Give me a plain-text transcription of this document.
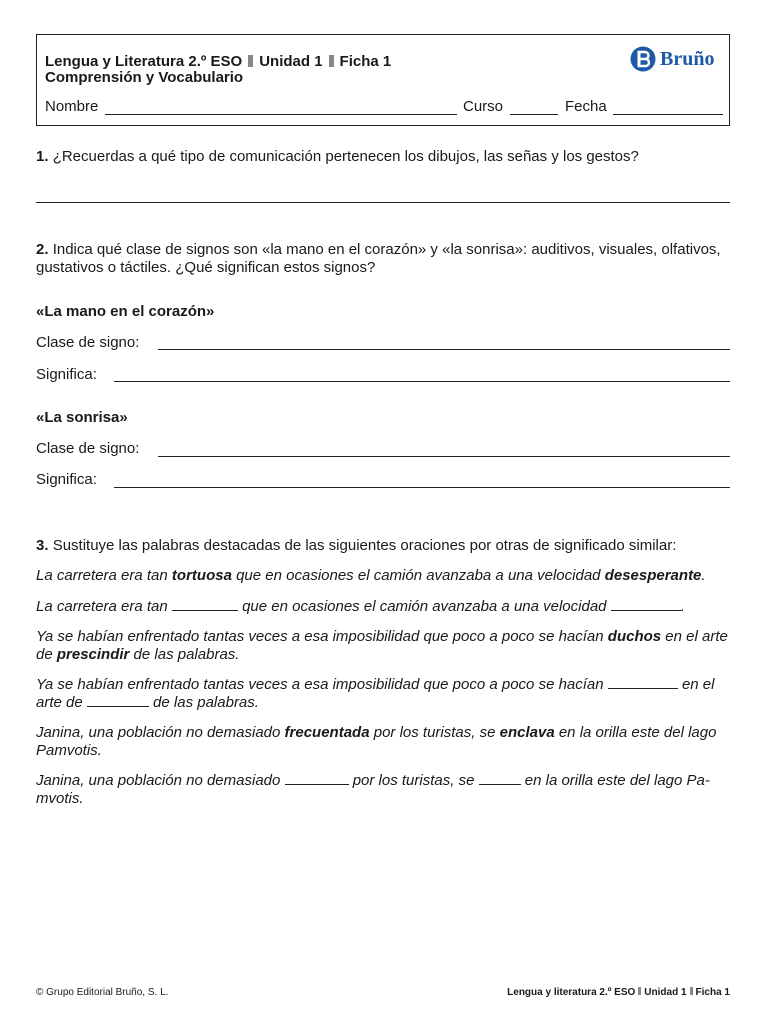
Lengua y Literatura 2.º ESO Unidad 1 Ficha 1
Comprensión y Vocabulario
Bruño
Nombre	Curso	Fecha
1. ¿Recuerdas a qué tipo de comunicación pertenecen los dibujos, las señas y los gestos?
2. Indica qué clase de signos son «la mano en el corazón» y «la sonrisa»: auditivos, visuales, olfativos,
gustativos o táctiles. ¿Qué significan estos signos?
«La mano en el corazón»
Clase de signo:
Significa:
«La sonrisa»
Clase de signo:
Significa:
3. Sustituye las palabras destacadas de las siguientes oraciones por otras de significado similar:
La carretera era tan tortuosa que en ocasiones el camión avanzaba a una velocidad desesperante.
La carretera era tan	que en ocasiones el camión avanzaba a una velocidad	.
Ya se habían enfrentado tantas veces a esa imposibilidad que poco a poco se hacían duchos en el arte de prescindir de las palabras.
Ya se habían enfrentado tantas veces a esa imposibilidad que poco a poco se hacían	en el arte de	de las palabras.
Janina, una población no demasiado frecuentada por los turistas, se enclava en la orilla este del lago Pamvotis.
Janina, una población no demasiado	por los turistas, se	en la orilla este del lago Pa-mvotis.
© Grupo Editorial Bruño, S. L.	Lengua y literatura 2.º ESO Unidad 1 Ficha 1
